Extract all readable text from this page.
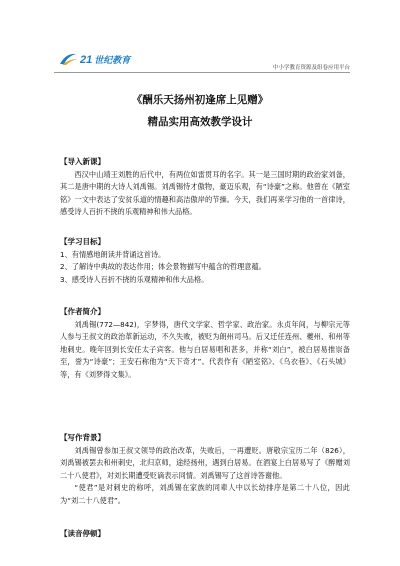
21 世纪教育
中小学教育资源及组卷应用平台
《酬乐天扬州初逢席上见赠》
精品实用高效教学设计
【导入新课】

西汉中山靖王刘胜的后代中，有两位如雷贯耳的名字。其一是三国时期的政治家刘备，其二是唐中期的大诗人刘禹锡。刘禹锡恃才傲物，豪迈乐观，有“诗豪”之称。他曾在《陋室铭》一文中表达了安贫乐道的情趣和高洁傲岸的节操。今天，我们再来学习他的一首律诗，感受诗人百折不挠的乐观精神和伟大品格。

【学习目标】
1、有情感地朗读并背诵这首诗。
2、了解诗中典故的表达作用；体会景物描写中蕴含的哲理意蕴。
3、感受诗人百折不挠的乐观精神和伟大品格。
【作者简介】

刘禹锡(772—842)，字梦得，唐代文学家、哲学家、政治家。永贞年间，与柳宗元等人参与王叔文的政治革新运动，不久失败，被贬为朗州司马。后又迁任连州、夔州、和州等地刺史。晚年回到长安任太子宾客。他与白居易唱和甚多，并称“刘白”，被白居易推崇备至，誉为“诗豪”；王安石称他为“天下奇才”。代表作有《陋室铭》、《乌衣巷》、《石头城》等，有《刘梦得文集》。

【写作背景】

刘禹锡曾参加王叔文领导的政治改革，失败后，一再遭贬。唐敬宗宝历二年（826），刘禹锡被罢去和州刺史，北归京师，途经扬州，遇到白居易。在酒宴上白居易写了《醉赠刘二十八使君》，对刘长期遭受贬谪表示同情。刘禹锡写了这首诗答谢他。

“使君”是对刺史的称呼，刘禹锡在家族的同辈人中以长幼排序是第二十八位，因此为“刘二十八使君”。

【读音停顿】
